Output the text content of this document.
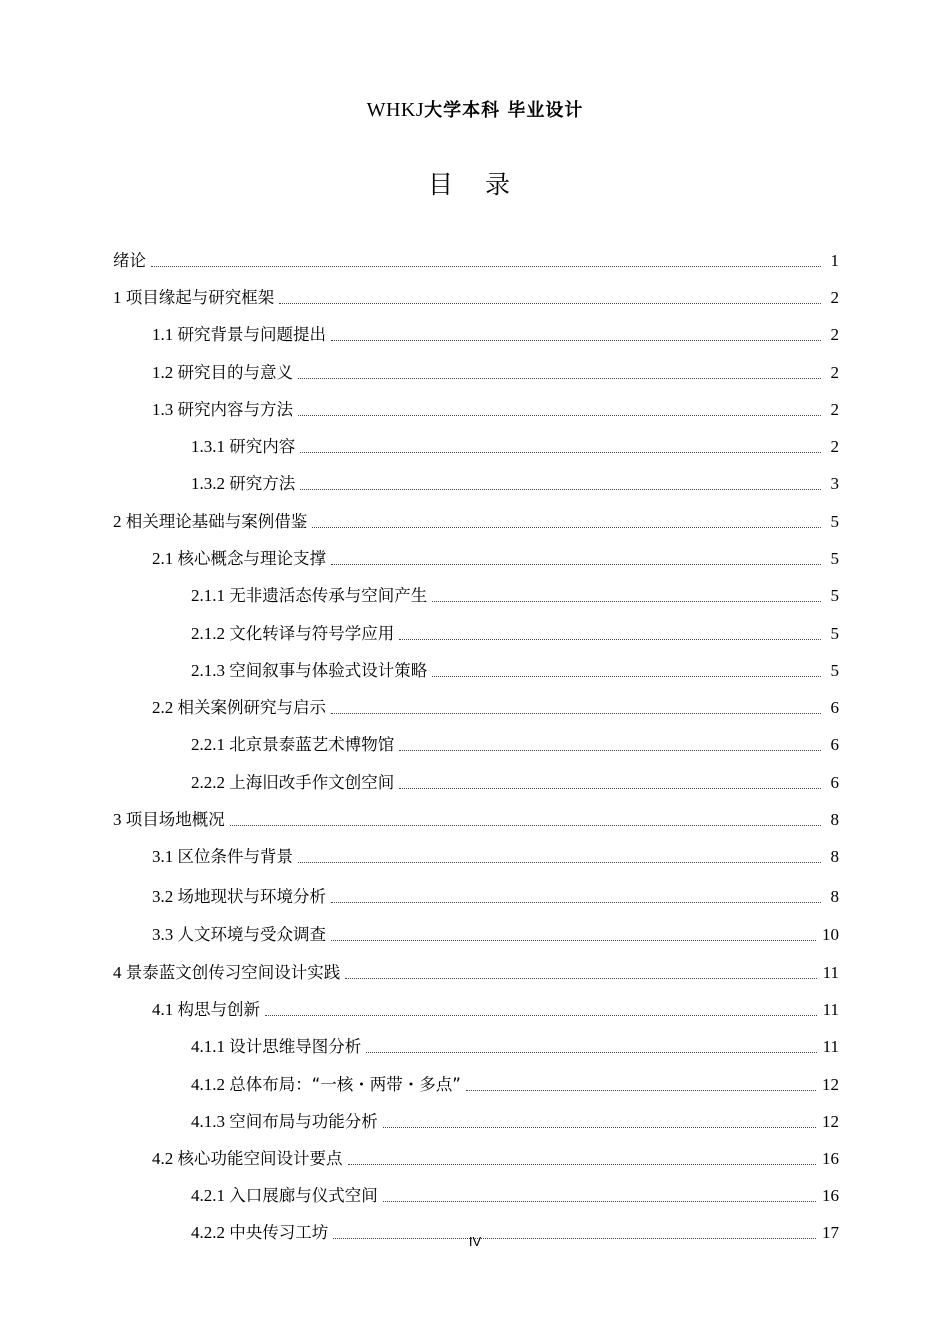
WHKJ大学本科 毕业设计
目 录
绪论	1
1 项目缘起与研究框架	2
1.1 研究背景与问题提出	2
1.2 研究目的与意义	2
1.3 研究内容与方法	2
1.3.1 研究内容	2
1.3.2 研究方法	3
2 相关理论基础与案例借鉴	5
2.1 核心概念与理论支撑	5
2.1.1 无非遗活态传承与空间产生	5
2.1.2 文化转译与符号学应用	5
2.1.3 空间叙事与体验式设计策略	5
2.2 相关案例研究与启示	6
2.2.1 北京景泰蓝艺术博物馆	6
2.2.2 上海旧改手作文创空间	6
3 项目场地概况	8
3.1 区位条件与背景	8
3.2 场地现状与环境分析	8
3.3 人文环境与受众调查	10
4 景泰蓝文创传习空间设计实践	11
4.1 构思与创新	11
4.1.1 设计思维导图分析	11
4.1.2 总体布局：“一核・两带・多点”	12
4.1.3 空间布局与功能分析	12
4.2 核心功能空间设计要点	16
4.2.1 入口展廊与仪式空间	16
4.2.2 中央传习工坊	17
IV
